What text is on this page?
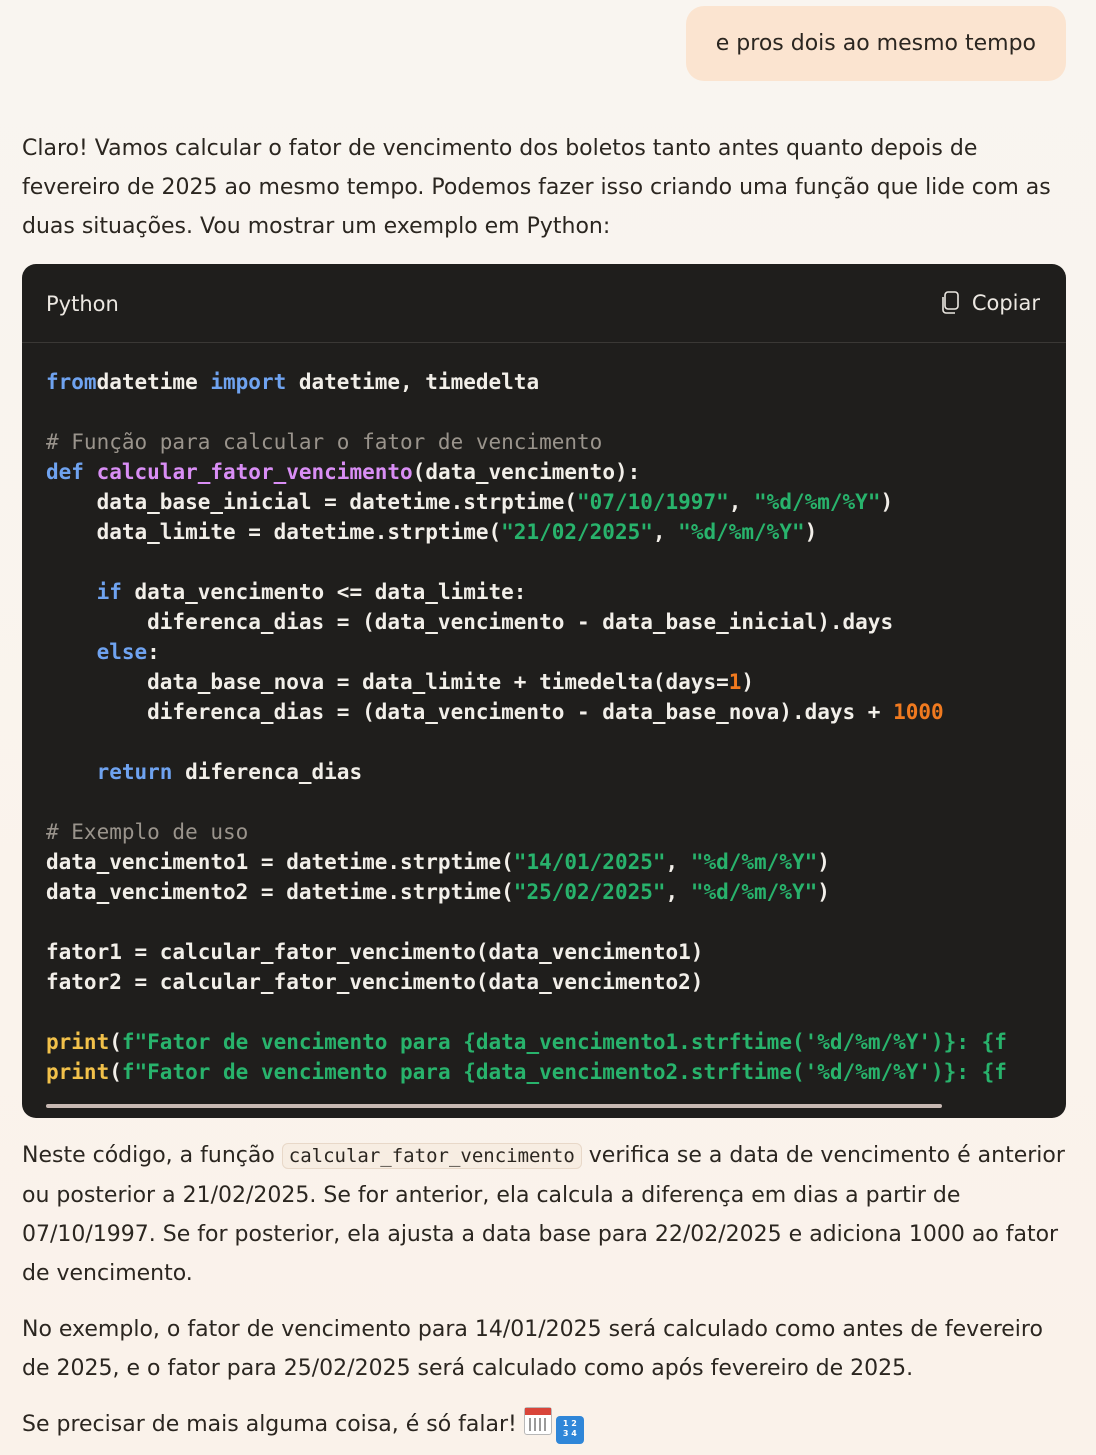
e pros dois ao mesmo tempo

Claro! Vamos calcular o fator de vencimento dos boletos tanto antes quanto depois de fevereiro de 2025 ao mesmo tempo. Podemos fazer isso criando uma função que lide com as duas situações. Vou mostrar um exemplo em Python:

Python	Copiar
fromdatetime import datetime, timedelta
# Função para calcular o fator de vencimento
def calcular_fator_vencimento(data_vencimento):
data_base_inicial = datetime.strptime("07/10/1997", "%d/%m/%Y")
data_limite = datetime.strptime("21/02/2025", "%d/%m/%Y")
if data_vencimento <= data_limite:
diferenca_dias = (data_vencimento - data_base_inicial).days
else:
data_base_nova = data_limite + timedelta(days=1)
diferenca_dias = (data_vencimento - data_base_nova).days + 1000
return diferenca_dias
# Exemplo de uso
data_vencimento1 = datetime.strptime("14/01/2025", "%d/%m/%Y")
data_vencimento2 = datetime.strptime("25/02/2025", "%d/%m/%Y")
fator1 = calcular_fator_vencimento(data_vencimento1)
fator2 = calcular_fator_vencimento(data_vencimento2)
print(f"Fator de vencimento para {data_vencimento1.strftime('%d/%m/%Y')}: {f
print(f"Fator de vencimento para {data_vencimento2.strftime('%d/%m/%Y')}: {f

Neste código, a função calcular_fator_vencimento verifica se a data de vencimento é anterior ou posterior a 21/02/2025. Se for anterior, ela calcula a diferença em dias a partir de 07/10/1997. Se for posterior, ela ajusta a data base para 22/02/2025 e adiciona 1000 ao fator de vencimento.

No exemplo, o fator de vencimento para 14/01/2025 será calculado como antes de fevereiro de 2025, e o fator para 25/02/2025 será calculado como após fevereiro de 2025.

Se precisar de mais alguma coisa, é só falar!	1 2
3 4
